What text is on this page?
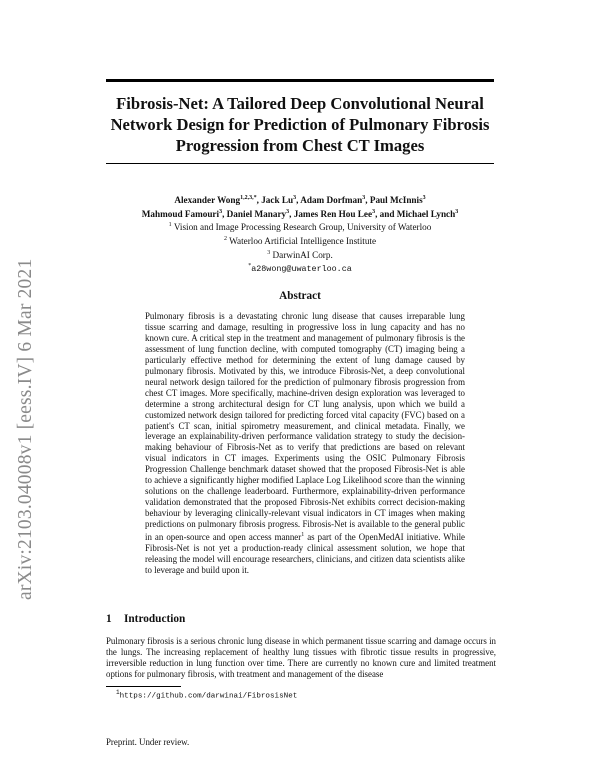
arXiv:2103.04008v1 [eess.IV] 6 Mar 2021
Fibrosis-Net: A Tailored Deep Convolutional Neural
Network Design for Prediction of Pulmonary Fibrosis
Progression from Chest CT Images
Alexander Wong$^{1,2,3,*}$, Jack Lu$^3$, Adam Dorfman$^3$, Paul McInnis$^3$
Mahmoud Famouri$^3$, Daniel Manary$^3$, James Ren Hou Lee$^3$, and Michael Lynch$^3$
$^1$ Vision and Image Processing Research Group, University of Waterloo
$^2$ Waterloo Artificial Intelligence Institute
$^3$ DarwinAI Corp.
*a28wong@uwaterloo.ca
Abstract
Pulmonary fibrosis is a devastating chronic lung disease that causes irreparable lung tissue scarring and damage, resulting in progressive loss in lung capacity and has no known cure. A critical step in the treatment and management of pulmonary fibrosis is the assessment of lung function decline, with computed tomography (CT) imaging being a particularly effective method for determining the extent of lung damage caused by pulmonary fibrosis. Motivated by this, we introduce Fibrosis-Net, a deep convolutional neural network design tailored for the prediction of pulmonary fibrosis progression from chest CT images. More specifically, machine-driven design exploration was leveraged to determine a strong architectural design for CT lung analysis, upon which we build a customized network design tailored for predicting forced vital capacity (FVC) based on a patient's CT scan, initial spirometry measurement, and clinical metadata. Finally, we leverage an explainability-driven performance validation strategy to study the decision-making behaviour of Fibrosis-Net as to verify that predictions are based on relevant visual indicators in CT images. Experiments using the OSIC Pulmonary Fibrosis Progression Challenge benchmark dataset showed that the proposed Fibrosis-Net is able to achieve a significantly higher modified Laplace Log Likelihood score than the winning solutions on the challenge leaderboard. Furthermore, explainability-driven performance validation demonstrated that the proposed Fibrosis-Net exhibits correct decision-making behaviour by leveraging clinically-relevant visual indicators in CT images when making predictions on pulmonary fibrosis progress. Fibrosis-Net is available to the general public in an open-source and open access manner$^1$ as part of the OpenMedAI initiative. While Fibrosis-Net is not yet a production-ready clinical assessment solution, we hope that releasing the model will encourage researchers, clinicians, and citizen data scientists alike to leverage and build upon it.
1 Introduction
Pulmonary fibrosis is a serious chronic lung disease in which permanent tissue scarring and damage occurs in the lungs. The increasing replacement of healthy lung tissues with fibrotic tissue results in progressive, irreversible reduction in lung function over time. There are currently no known cure and limited treatment options for pulmonary fibrosis, with treatment and management of the disease
$^1$https://github.com/darwinai/FibrosisNet
Preprint. Under review.
